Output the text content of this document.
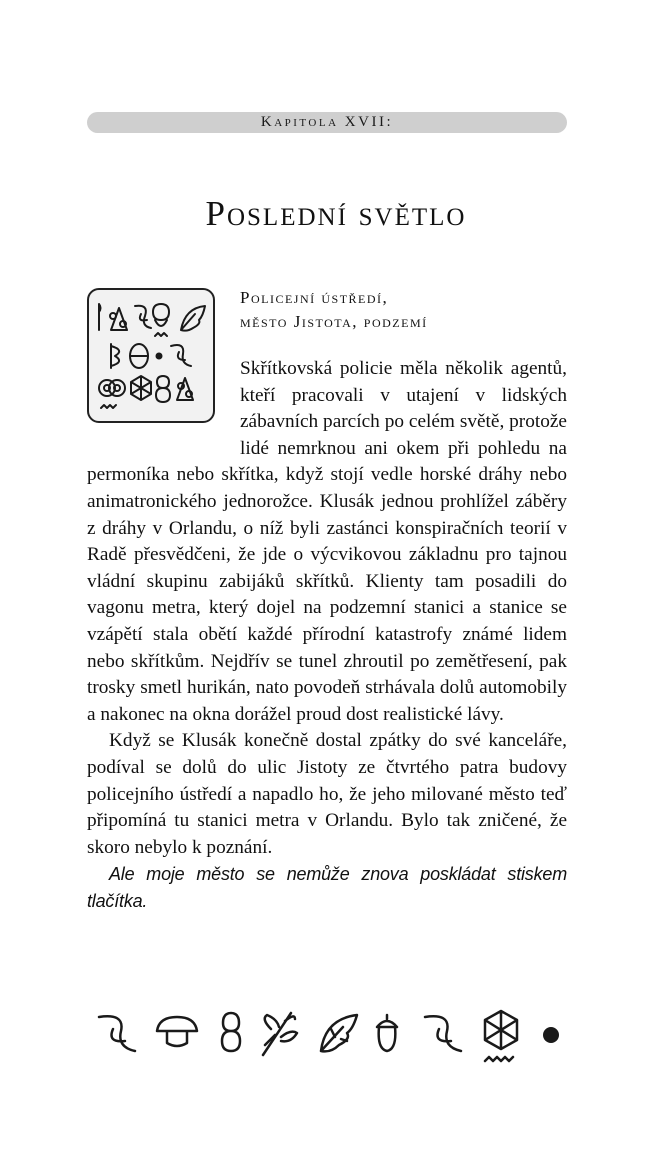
Kapitola XVII:
Poslední světlo
Policejní ústředí,
město Jistota, podzemí

Skřítkovská policie měla několik agentů, kteří pracovali v utajení v lidských zábavních parcích po celém světě, protože lidé nemrknou ani okem při pohledu na permoníka nebo skřítka, když stojí vedle horské dráhy nebo animatronického jednorožce. Klusák jednou prohlížel záběry z dráhy v Orlandu, o níž byli zastánci konspiračních teorií v Radě přesvědčeni, že jde o výcvikovou základnu pro tajnou vládní skupinu zabijáků skřítků. Klienty tam posadili do vagonu metra, který dojel na podzemní stanici a stanice se vzápětí stala obětí každé přírodní katastrofy známé lidem nebo skřítkům. Nejdřív se tunel zhroutil po zemětřesení, pak trosky smetl hurikán, nato povodeň strhávala dolů automobily a nakonec na okna dorážel proud dost realistické lávy.

Když se Klusák konečně dostal zpátky do své kanceláře, podíval se dolů do ulic Jistoty ze čtvrtého patra budovy policejního ústředí a napadlo ho, že jeho milované město teď připomíná tu stanici metra v Orlandu. Bylo tak zničené, že skoro nebylo k poznání.

Ale moje město se nemůže znova poskládat stiskem tlačítka.
